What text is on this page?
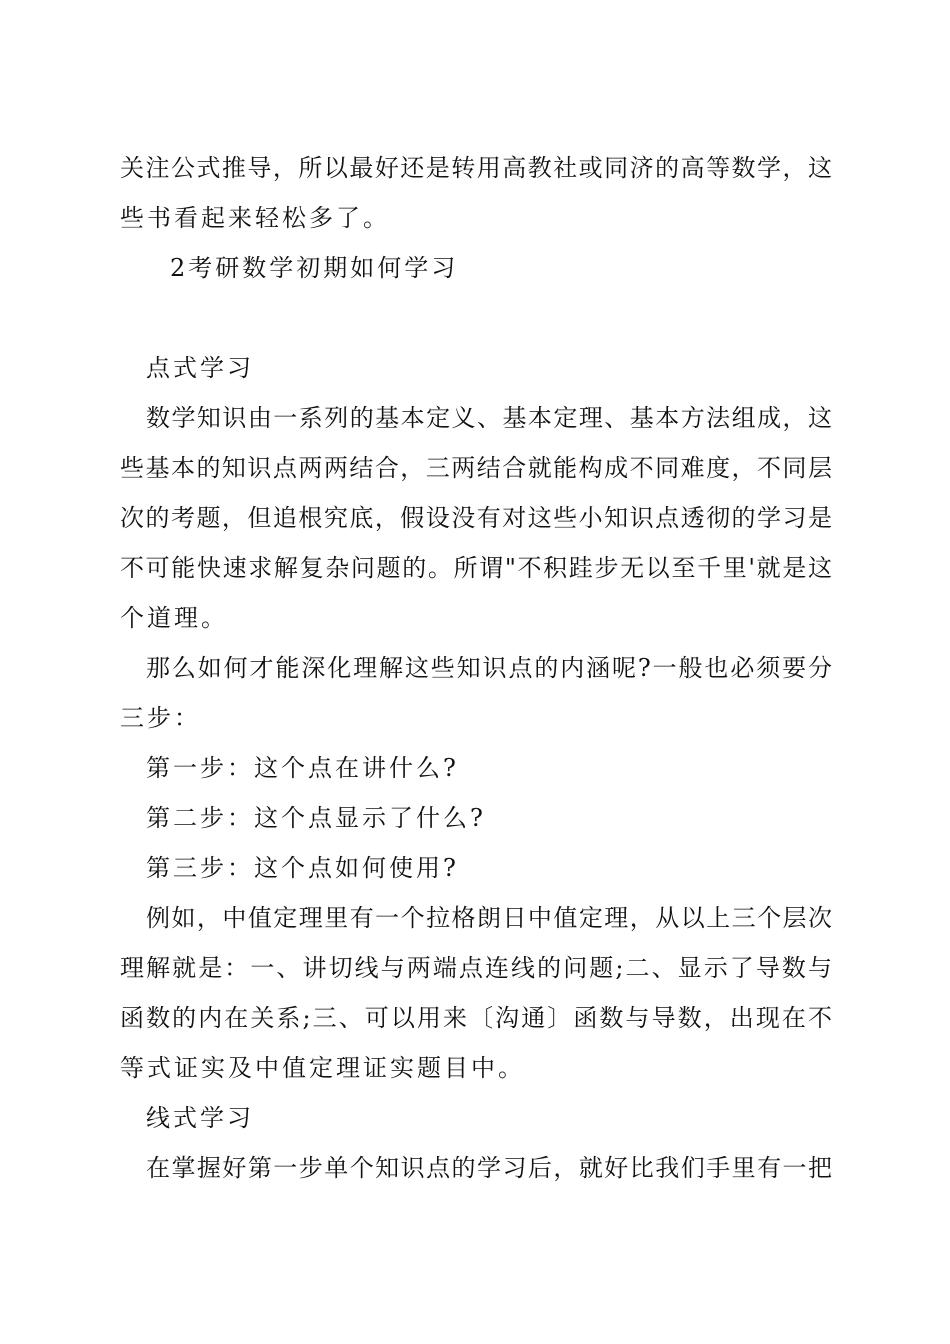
关注公式推导，所以最好还是转用高教社或同济的高等数学，这
些书看起来轻松多了。
2考研数学初期如何学习
点式学习
数学知识由一系列的基本定义、基本定理、基本方法组成，这
些基本的知识点两两结合，三两结合就能构成不同难度，不同层
次的考题，但追根究底，假设没有对这些小知识点透彻的学习是
不可能快速求解复杂问题的。所谓"不积跬步无以至千里'就是这
个道理。
那么如何才能深化理解这些知识点的内涵呢?一般也必须要分
三步：
第一步：这个点在讲什么?
第二步：这个点显示了什么?
第三步：这个点如何使用?
例如，中值定理里有一个拉格朗日中值定理，从以上三个层次
理解就是：一、讲切线与两端点连线的问题;二、显示了导数与
函数的内在关系;三、可以用来〔沟通〕函数与导数，出现在不
等式证实及中值定理证实题目中。
线式学习
在掌握好第一步单个知识点的学习后，就好比我们手里有一把
